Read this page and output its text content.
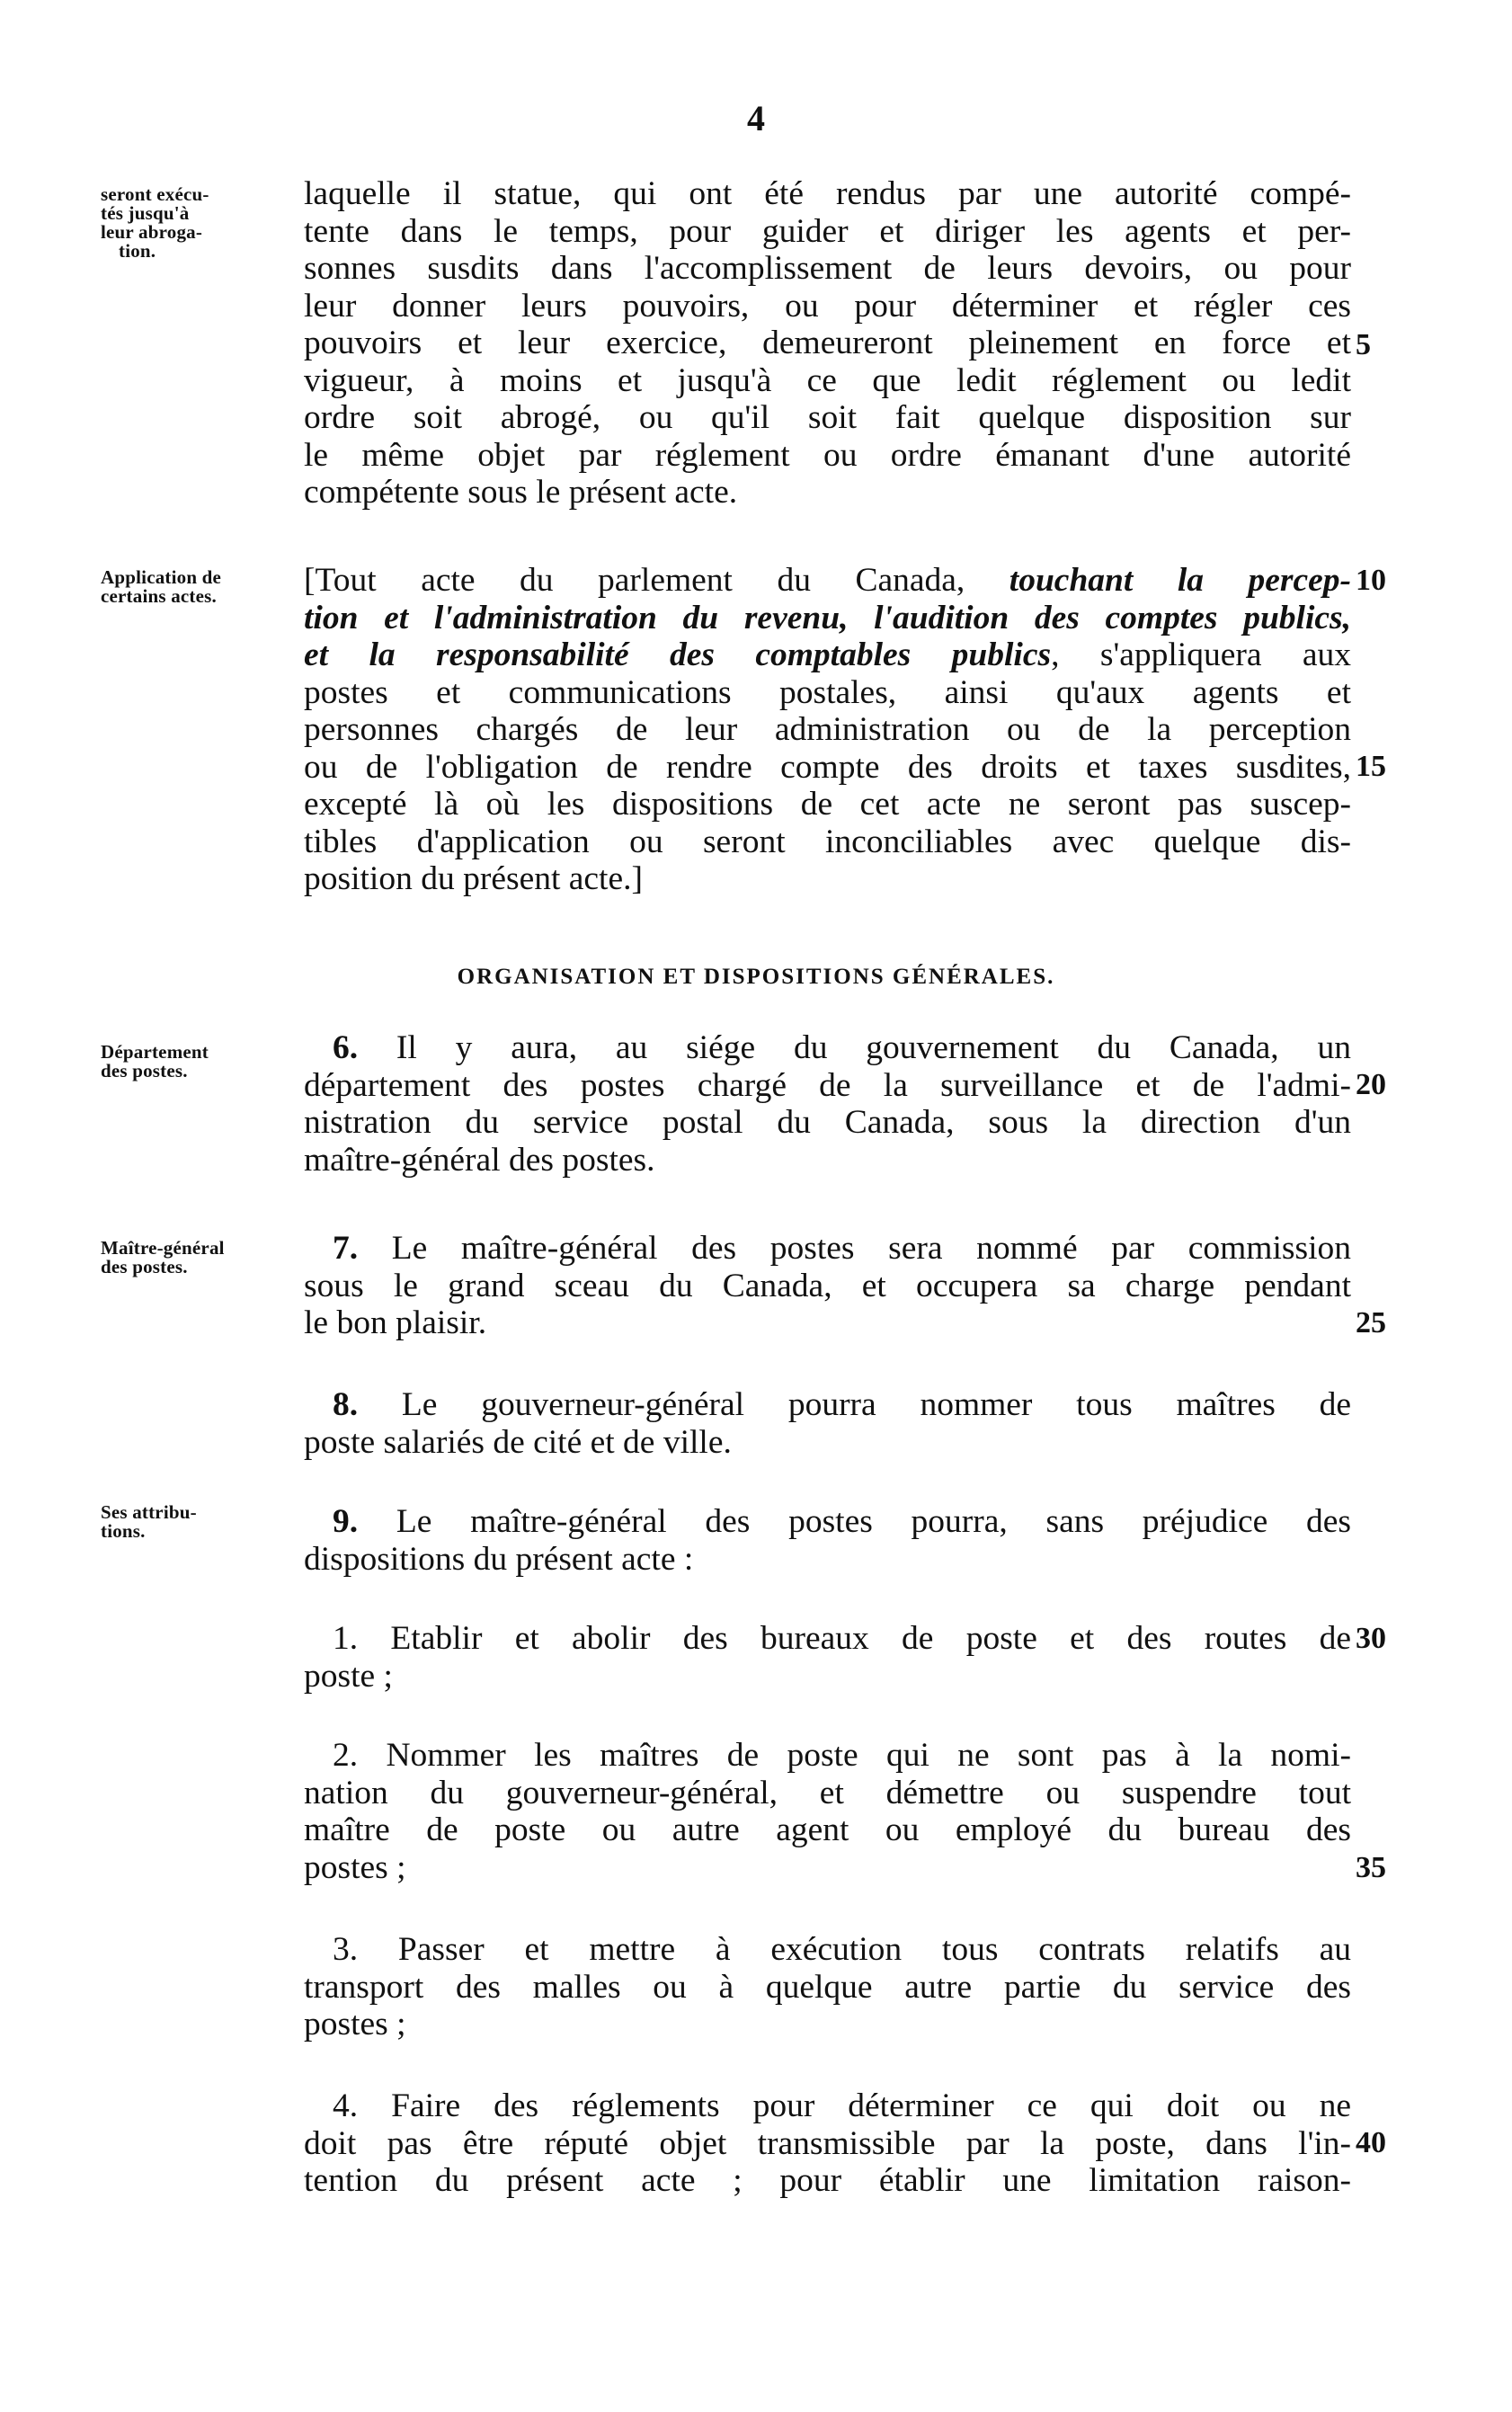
4
seront exécu-
tés jusqu'à
leur abroga-
tion.
Application de
certains actes.
Département
des postes.
Maître-général
des postes.
Ses attribu-
tions.
laquelle il statue, qui ont été rendus par une autorité compé-
tente dans le temps, pour guider et diriger les agents et per-
sonnes susdits dans l'accomplissement de leurs devoirs, ou pour
leur donner leurs pouvoirs, ou pour déterminer et régler ces
pouvoirs et leur exercice, demeureront pleinement en force et
vigueur, à moins et jusqu'à ce que ledit réglement ou ledit
ordre soit abrogé, ou qu'il soit fait quelque disposition sur
le même objet par réglement ou ordre émanant d'une autorité
compétente sous le présent acte.
[Tout acte du parlement du Canada, touchant la percep-
tion et l'administration du revenu, l'audition des comptes publics,
et la responsabilité des comptables publics, s'appliquera aux
postes et communications postales, ainsi qu'aux agents et
personnes chargés de leur administration ou de la perception
ou de l'obligation de rendre compte des droits et taxes susdites,
excepté là où les dispositions de cet acte ne seront pas suscep-
tibles d'application ou seront inconciliables avec quelque dis-
position du présent acte.]
ORGANISATION ET DISPOSITIONS GÉNÉRALES.
6. Il y aura, au siége du gouvernement du Canada, un
département des postes chargé de la surveillance et de l'admi-
nistration du service postal du Canada, sous la direction d'un
maître-général des postes.
7. Le maître-général des postes sera nommé par commission
sous le grand sceau du Canada, et occupera sa charge pendant
le bon plaisir.
8. Le gouverneur-général pourra nommer tous maîtres de
poste salariés de cité et de ville.
9. Le maître-général des postes pourra, sans préjudice des
dispositions du présent acte :
1. Etablir et abolir des bureaux de poste et des routes de
poste ;
2. Nommer les maîtres de poste qui ne sont pas à la nomi-
nation du gouverneur-général, et démettre ou suspendre tout
maître de poste ou autre agent ou employé du bureau des
postes ;
3. Passer et mettre à exécution tous contrats relatifs au
transport des malles ou à quelque autre partie du service des
postes ;
4. Faire des réglements pour déterminer ce qui doit ou ne
doit pas être réputé objet transmissible par la poste, dans l'in-
tention du présent acte ; pour établir une limitation raison-
5
10
15
20
25
30
35
40
